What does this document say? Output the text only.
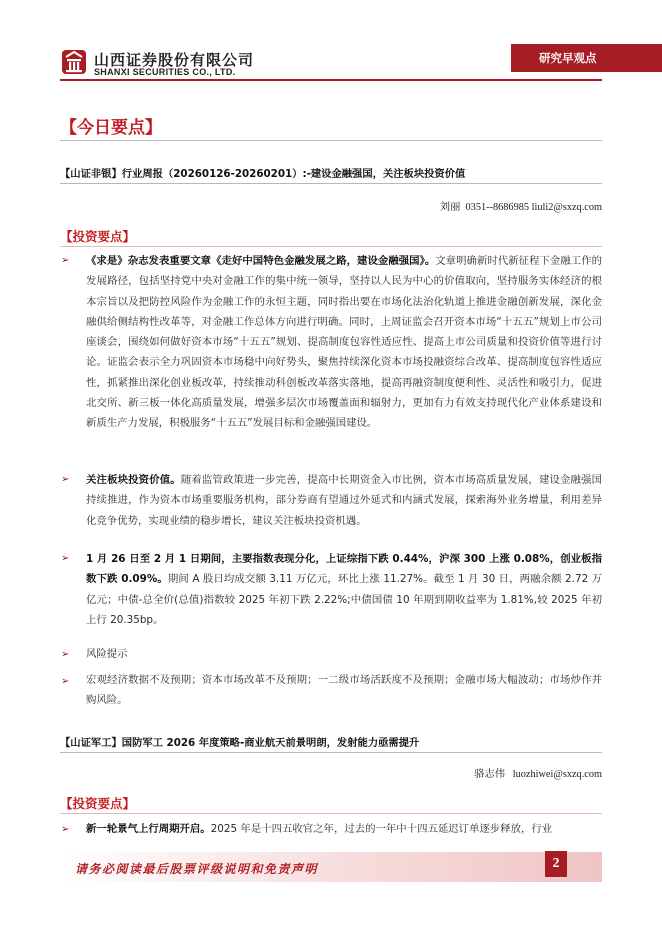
山西证券股份有限公司
SHANXI SECURITIES CO., LTD.
研究早观点
【今日要点】
【山证非银】行业周报（20260126-20260201）:-建设金融强国，关注板块投资价值
刘丽 0351--8686985 liuli2@sxzq.com
【投资要点】
➢ 《求是》杂志发表重要文章《走好中国特色金融发展之路，建设金融强国》。文章明确新时代新征程下金融工作的发展路径，包括坚持党中央对金融工作的集中统一领导，坚持以人民为中心的价值取向，坚持服务实体经济的根本宗旨以及把防控风险作为金融工作的永恒主题，同时指出要在市场化法治化轨道上推进金融创新发展，深化金融供给侧结构性改革等，对金融工作总体方向进行明确。同时，上周证监会召开资本市场“十五五”规划上市公司座谈会，围绕如何做好资本市场“十五五”规划、提高制度包容性适应性、提高上市公司质量和投资价值等进行讨论。证监会表示全力巩固资本市场稳中向好势头，聚焦持续深化资本市场投融资综合改革、提高制度包容性适应性，抓紧推出深化创业板改革，持续推动科创板改革落实落地，提高再融资制度便利性、灵活性和吸引力，促进北交所、新三板一体化高质量发展，增强多层次市场覆盖面和辐射力，更加有力有效支持现代化产业体系建设和新质生产力发展，积极服务“十五五”发展目标和金融强国建设。
➢ 关注板块投资价值。随着监管政策进一步完善，提高中长期资金入市比例，资本市场高质量发展，建设金融强国持续推进，作为资本市场重要服务机构，部分券商有望通过外延式和内涵式发展，探索海外业务增量，利用差异化竞争优势，实现业绩的稳步增长，建议关注板块投资机遇。
➢ 1 月 26 日至 2 月 1 日期间，主要指数表现分化，上证综指下跌 0.44%，沪深 300 上涨 0.08%，创业板指数下跌 0.09%。期间 A 股日均成交额 3.11 万亿元，环比上涨 11.27%。截至 1 月 30 日，两融余额 2.72 万亿元；中债-总全价(总值)指数较 2025 年初下跌 2.22%;中债国债 10 年期到期收益率为 1.81%,较 2025 年初上行 20.35bp。
➢ 风险提示
➢ 宏观经济数据不及预期；资本市场改革不及预期；一二级市场活跃度不及预期；金融市场大幅波动；市场炒作并购风险。
【山证军工】国防军工 2026 年度策略-商业航天前景明朗，发射能力亟需提升
骆志伟 luozhiwei@sxzq.com
【投资要点】
➢ 新一轮景气上行周期开启。2025 年是十四五收官之年，过去的一年中十四五延迟订单逐步释放，行业
请务必阅读最后股票评级说明和免责声明	2
